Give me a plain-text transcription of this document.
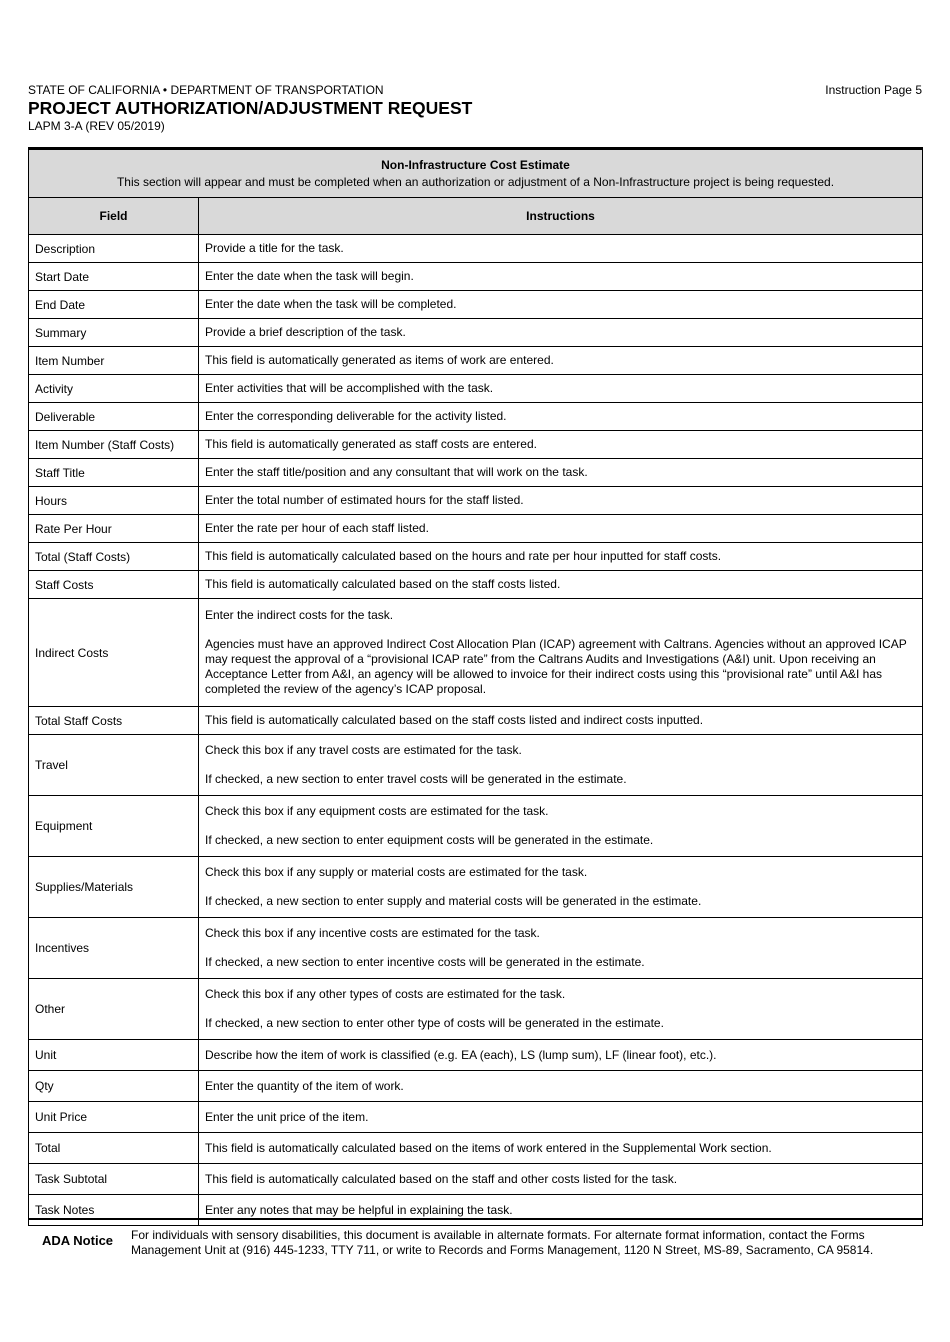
Instruction Page 5
STATE OF CALIFORNIA • DEPARTMENT OF TRANSPORTATION
PROJECT AUTHORIZATION/ADJUSTMENT REQUEST
LAPM 3-A (REV 05/2019)
Non-Infrastructure Cost Estimate
This section will appear and must be completed when an authorization or adjustment of a Non-Infrastructure project is being requested.	

Field	Instructions
Description	Provide a title for the task.

Start Date	Enter the date when the task will begin.

End Date	Enter the date when the task will be completed.

Summary	Provide a brief description of the task.

Item Number	This field is automatically generated as items of work are entered.

Activity	Enter activities that will be accomplished with the task.

Deliverable	Enter the corresponding deliverable for the activity listed.

Item Number (Staff Costs)	This field is automatically generated as staff costs are entered.

Staff Title	Enter the staff title/position and any consultant that will work on the task.

Hours	Enter the total number of estimated hours for the staff listed.

Rate Per Hour	Enter the rate per hour of each staff listed.

Total (Staff Costs)	This field is automatically calculated based on the hours and rate per hour inputted for staff costs.

Staff Costs	This field is automatically calculated based on the staff costs listed.

Indirect Costs	Enter the indirect costs for the task.

Agencies must have an approved Indirect Cost Allocation Plan (ICAP) agreement with Caltrans. Agencies without an approved ICAP may request the approval of a “provisional ICAP rate” from the Caltrans Audits and Investigations (A&I) unit. Upon receiving an Acceptance Letter from A&I, an agency will be allowed to invoice for their indirect costs using this “provisional rate” until A&I has completed the review of the agency’s ICAP proposal.

Total Staff Costs	This field is automatically calculated based on the staff costs listed and indirect costs inputted.

Travel	Check this box if any travel costs are estimated for the task.

If checked, a new section to enter travel costs will be generated in the estimate.

Equipment	Check this box if any equipment costs are estimated for the task.

If checked, a new section to enter equipment costs will be generated in the estimate.

Supplies/Materials	Check this box if any supply or material costs are estimated for the task.

If checked, a new section to enter supply and material costs will be generated in the estimate.

Incentives	Check this box if any incentive costs are estimated for the task.

If checked, a new section to enter incentive costs will be generated in the estimate.

Other	Check this box if any other types of costs are estimated for the task.

If checked, a new section to enter other type of costs will be generated in the estimate.

Unit	Describe how the item of work is classified (e.g. EA (each), LS (lump sum), LF (linear foot), etc.).

Qty	Enter the quantity of the item of work.

Unit Price	Enter the unit price of the item.

Total	This field is automatically calculated based on the items of work entered in the Supplemental Work section.

Task Subtotal	This field is automatically calculated based on the staff and other costs listed for the task.

Task Notes	Enter any notes that may be helpful in explaining the task.

ADA Notice For individuals with sensory disabilities, this document is available in alternate formats. For alternate format information, contact the Forms Management Unit at (916) 445-1233, TTY 711, or write to Records and Forms Management, 1120 N Street, MS-89, Sacramento, CA 95814.
